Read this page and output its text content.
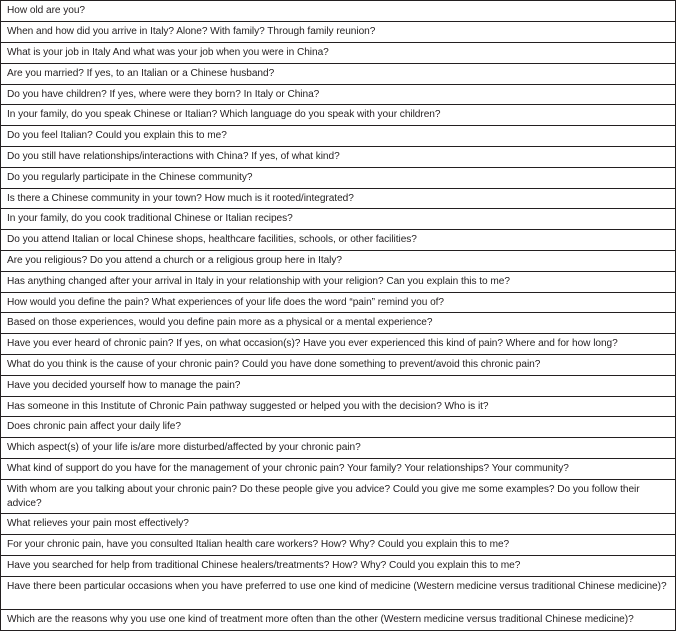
How old are you?
When and how did you arrive in Italy? Alone? With family? Through family reunion?
What is your job in Italy And what was your job when you were in China?
Are you married? If yes, to an Italian or a Chinese husband?
Do you have children? If yes, where were they born? In Italy or China?
In your family, do you speak Chinese or Italian? Which language do you speak with your children?
Do you feel Italian? Could you explain this to me?
Do you still have relationships/interactions with China? If yes, of what kind?
Do you regularly participate in the Chinese community?
Is there a Chinese community in your town? How much is it rooted/integrated?
In your family, do you cook traditional Chinese or Italian recipes?
Do you attend Italian or local Chinese shops, healthcare facilities, schools, or other facilities?
Are you religious? Do you attend a church or a religious group here in Italy?
Has anything changed after your arrival in Italy in your relationship with your religion? Can you explain this to me?
How would you define the pain? What experiences of your life does the word “pain” remind you of?
Based on those experiences, would you define pain more as a physical or a mental experience?
Have you ever heard of chronic pain? If yes, on what occasion(s)? Have you ever experienced this kind of pain? Where and for how long?
What do you think is the cause of your chronic pain? Could you have done something to prevent/avoid this chronic pain?
Have you decided yourself how to manage the pain?
Has someone in this Institute of Chronic Pain pathway suggested or helped you with the decision? Who is it?
Does chronic pain affect your daily life?
Which aspect(s) of your life is/are more disturbed/affected by your chronic pain?
What kind of support do you have for the management of your chronic pain? Your family? Your relationships? Your community?
With whom are you talking about your chronic pain? Do these people give you advice? Could you give me some examples? Do you follow their advice?
What relieves your pain most effectively?
For your chronic pain, have you consulted Italian health care workers? How? Why? Could you explain this to me?
Have you searched for help from traditional Chinese healers/treatments? How? Why? Could you explain this to me?
Have there been particular occasions when you have preferred to use one kind of medicine (Western medicine versus traditional Chinese medicine)?
Which are the reasons why you use one kind of treatment more often than the other (Western medicine versus traditional Chinese medicine)?
